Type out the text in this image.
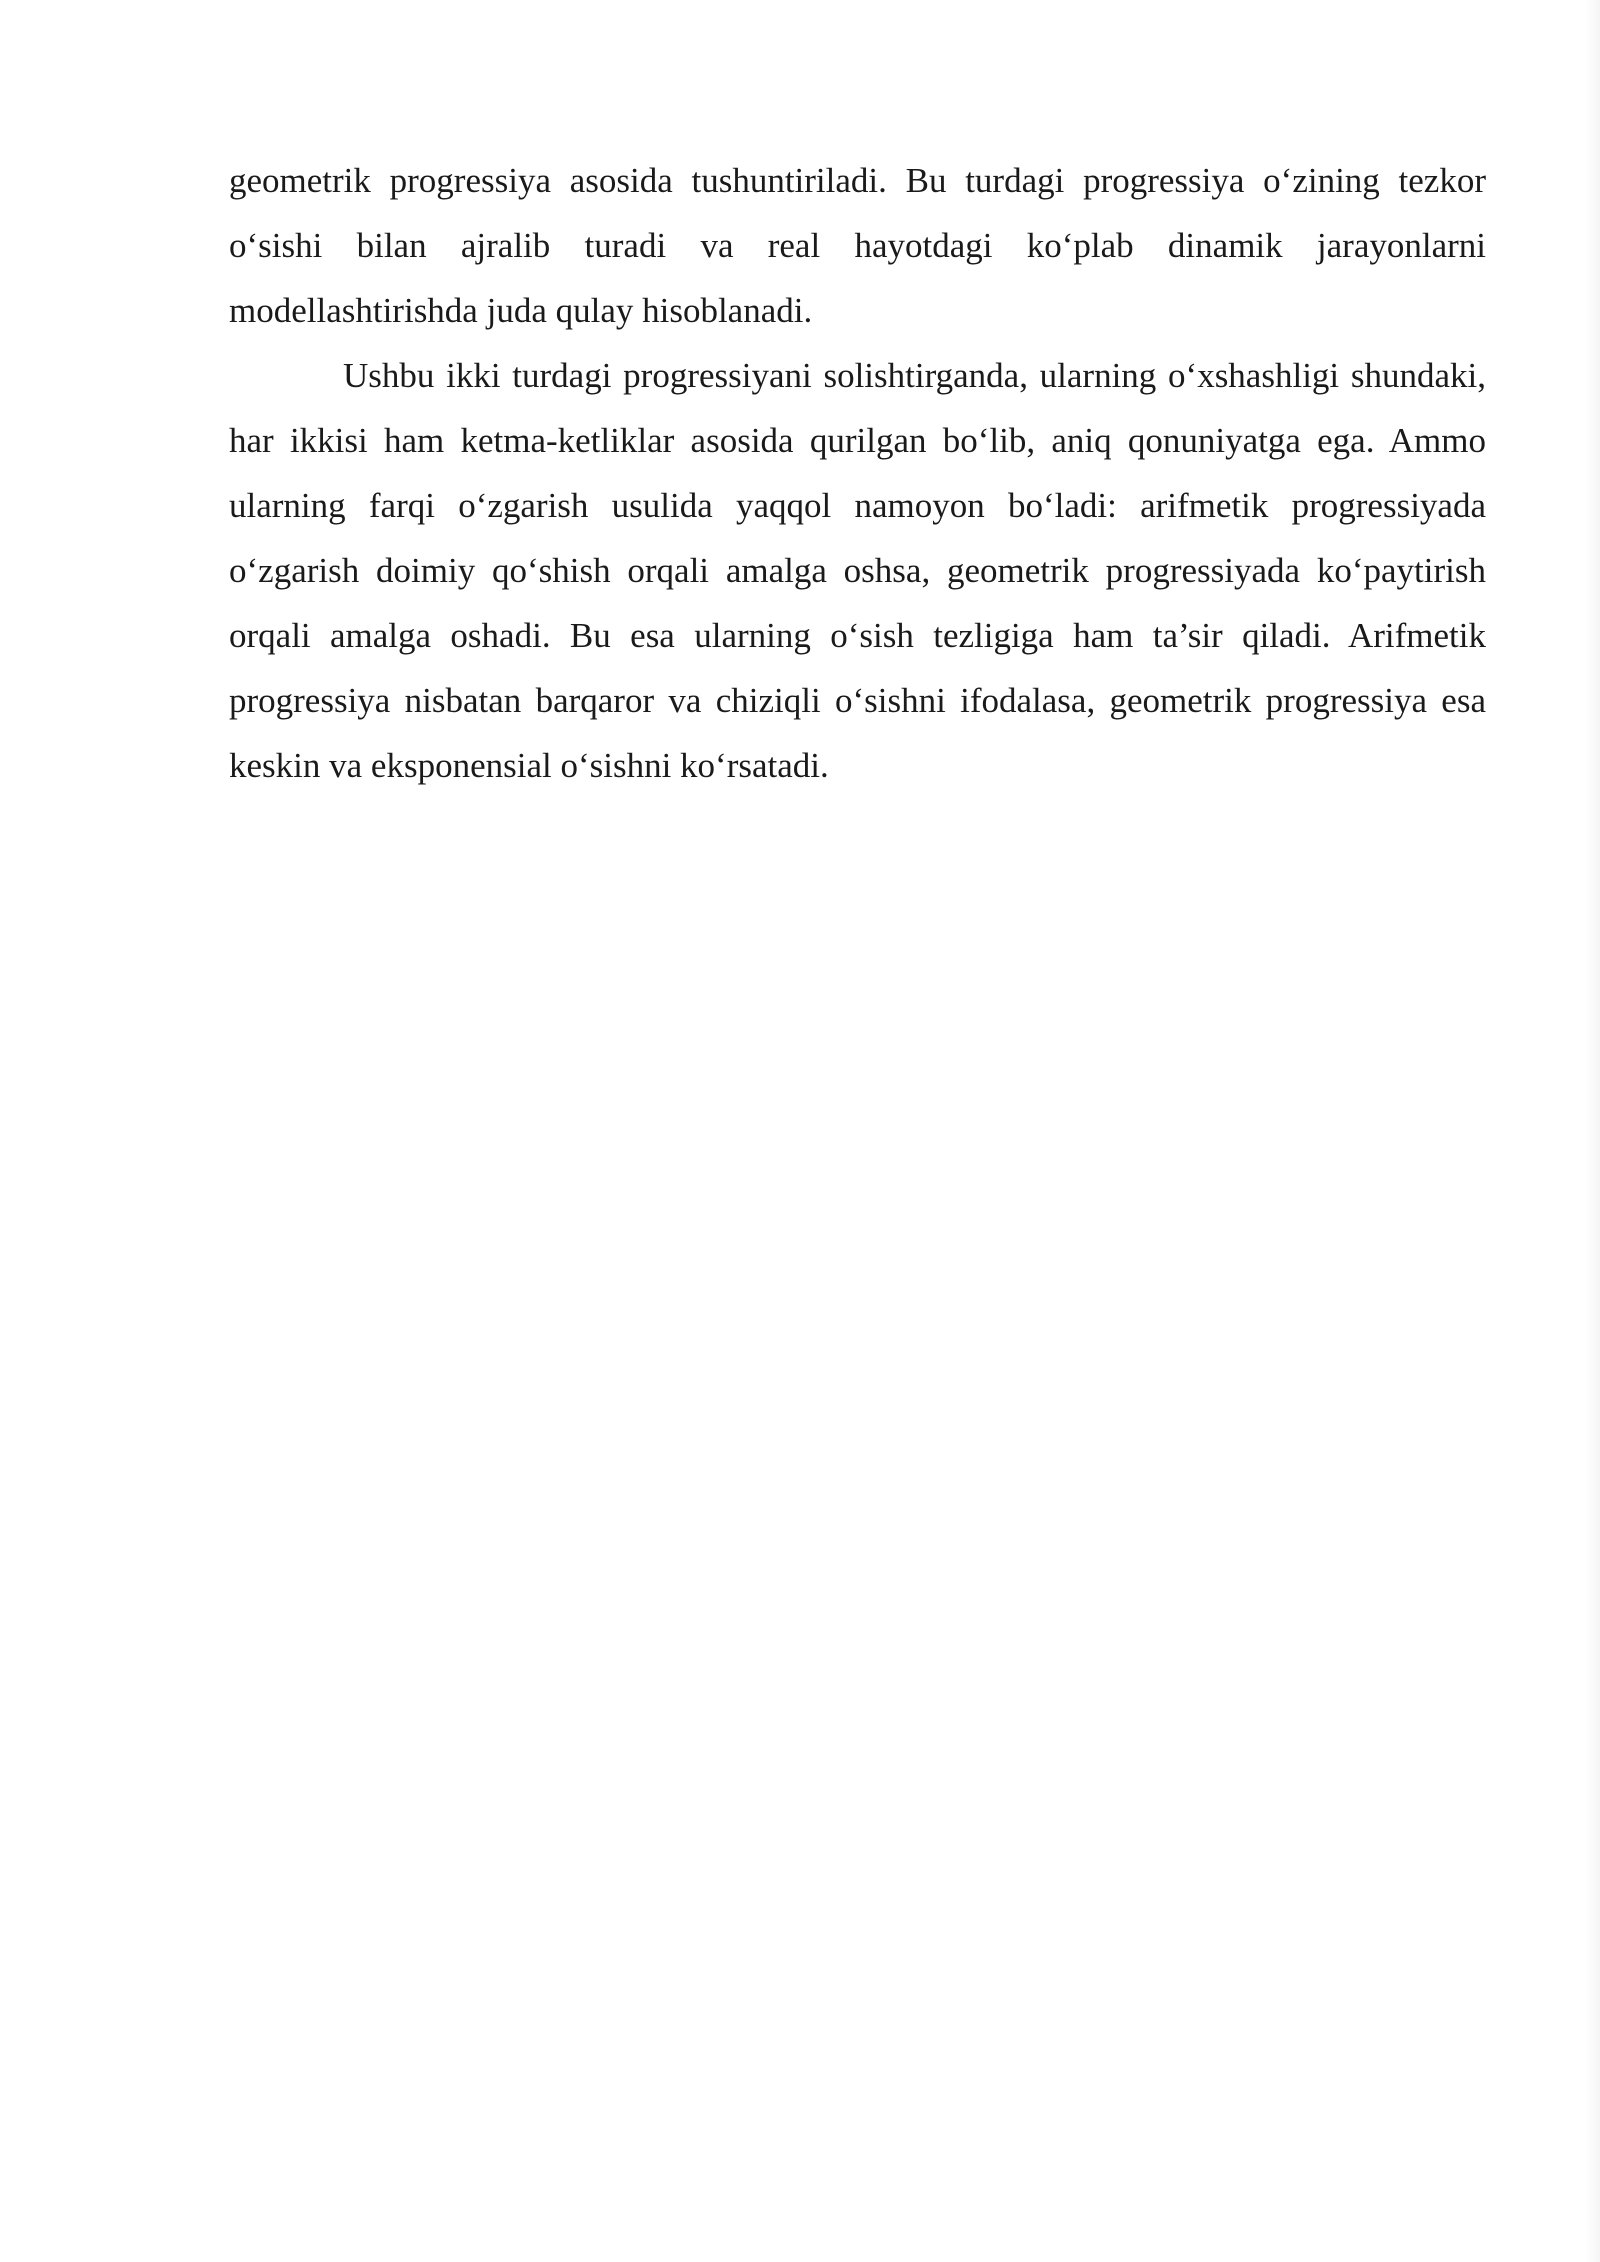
geometrik progressiya asosida tushuntiriladi. Bu turdagi progressiya o‘zining tezkor o‘sishi bilan ajralib turadi va real hayotdagi ko‘plab dinamik jarayonlarni modellashtirishda juda qulay hisoblanadi.

Ushbu ikki turdagi progressiyani solishtirganda, ularning o‘xshashligi shundaki, har ikkisi ham ketma-ketliklar asosida qurilgan bo‘lib, aniq qonuniyatga ega. Ammo ularning farqi o‘zgarish usulida yaqqol namoyon bo‘ladi: arifmetik progressiyada o‘zgarish doimiy qo‘shish orqali amalga oshsa, geometrik progressiyada ko‘paytirish orqali amalga oshadi. Bu esa ularning o‘sish tezligiga ham ta’sir qiladi. Arifmetik progressiya nisbatan barqaror va chiziqli o‘sishni ifodalasa, geometrik progressiya esa keskin va eksponensial o‘sishni ko‘rsatadi.
